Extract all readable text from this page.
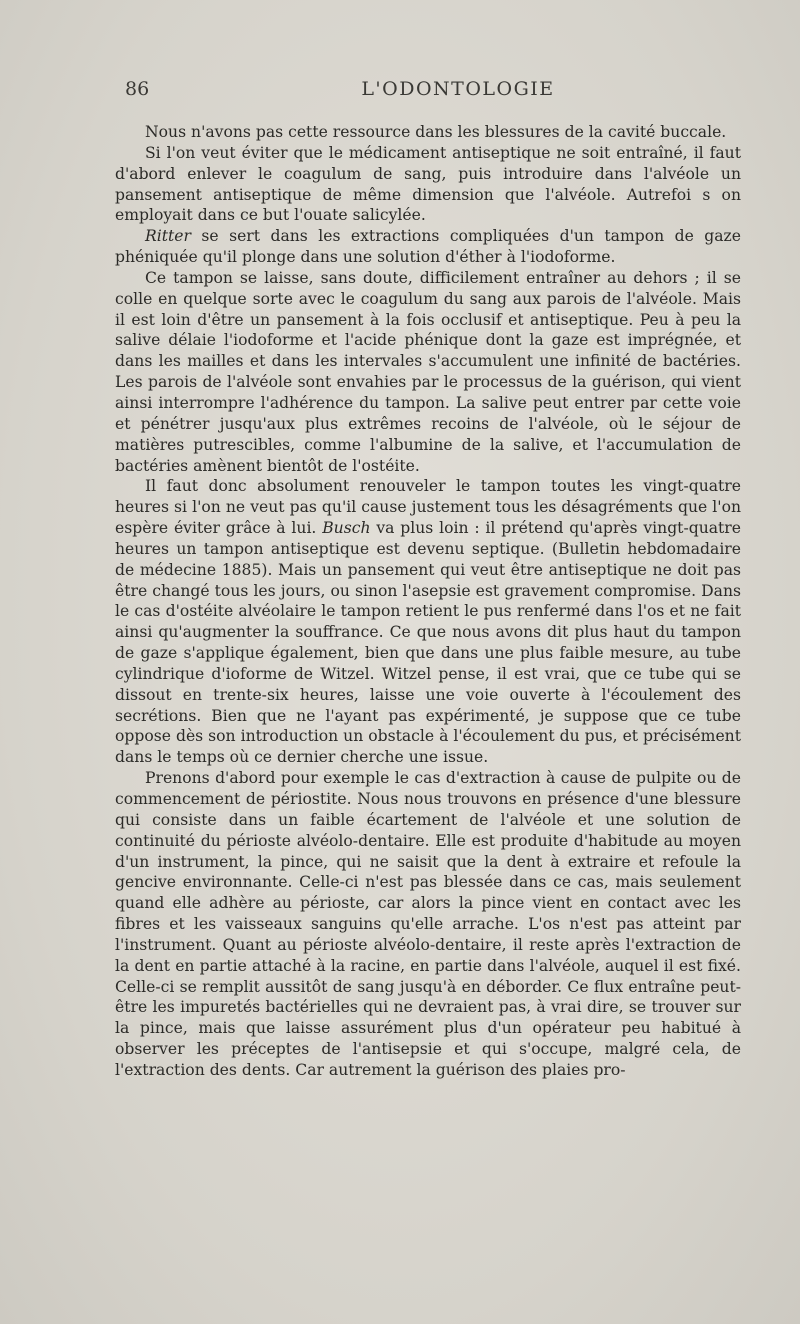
86	L'ODONTOLOGIE

Nous n'avons pas cette ressource dans les blessures de la cavité buccale.

Si l'on veut éviter que le médicament antiseptique ne soit entraîné, il faut d'abord enlever le coagulum de sang, puis introduire dans l'alvéole un pansement antiseptique de même dimension que l'alvéole. Autrefoi s on employait dans ce but l'ouate salicylée.

Ritter se sert dans les extractions compliquées d'un tampon de gaze phéniquée qu'il plonge dans une solution d'éther à l'iodoforme.

Ce tampon se laisse, sans doute, difficilement entraîner au dehors ; il se colle en quelque sorte avec le coagulum du sang aux parois de l'alvéole. Mais il est loin d'être un pansement à la fois occlusif et antiseptique. Peu à peu la salive délaie l'iodoforme et l'acide phénique dont la gaze est imprégnée, et dans les mailles et dans les intervales s'accumulent une infinité de bactéries. Les parois de l'alvéole sont envahies par le processus de la guérison, qui vient ainsi interrompre l'adhérence du tampon. La salive peut entrer par cette voie et pénétrer jusqu'aux plus extrêmes recoins de l'alvéole, où le séjour de matières putrescibles, comme l'albumine de la salive, et l'accumulation de bactéries amènent bientôt de l'ostéite.

Il faut donc absolument renouveler le tampon toutes les vingt-quatre heures si l'on ne veut pas qu'il cause justement tous les désagréments que l'on espère éviter grâce à lui. Busch va plus loin : il prétend qu'après vingt-quatre heures un tampon antiseptique est devenu septique. (Bulletin hebdomadaire de médecine 1885). Mais un pansement qui veut être antiseptique ne doit pas être changé tous les jours, ou sinon l'asepsie est gravement compromise. Dans le cas d'ostéite alvéolaire le tampon retient le pus renfermé dans l'os et ne fait ainsi qu'augmenter la souffrance. Ce que nous avons dit plus haut du tampon de gaze s'applique également, bien que dans une plus faible mesure, au tube cylindrique d'ioforme de Witzel. Witzel pense, il est vrai, que ce tube qui se dissout en trente-six heures, laisse une voie ouverte à l'écoulement des secrétions. Bien que ne l'ayant pas expérimenté, je suppose que ce tube oppose dès son introduction un obstacle à l'écoulement du pus, et précisément dans le temps où ce dernier cherche une issue.

Prenons d'abord pour exemple le cas d'extraction à cause de pulpite ou de commencement de périostite. Nous nous trouvons en présence d'une blessure qui consiste dans un faible écartement de l'alvéole et une solution de continuité du périoste alvéolo-dentaire. Elle est produite d'habitude au moyen d'un instrument, la pince, qui ne saisit que la dent à extraire et refoule la gencive environnante. Celle-ci n'est pas blessée dans ce cas, mais seulement quand elle adhère au périoste, car alors la pince vient en contact avec les fibres et les vaisseaux sanguins qu'elle arrache. L'os n'est pas atteint par l'instrument. Quant au périoste alvéolo-dentaire, il reste après l'extraction de la dent en partie attaché à la racine, en partie dans l'alvéole, auquel il est fixé. Celle-ci se remplit aussitôt de sang jusqu'à en déborder. Ce flux entraîne peut-être les impuretés bactérielles qui ne devraient pas, à vrai dire, se trouver sur la pince, mais que laisse assurément plus d'un opérateur peu habitué à observer les préceptes de l'antisepsie et qui s'occupe, malgré cela, de l'extraction des dents. Car autrement la guérison des plaies pro-
